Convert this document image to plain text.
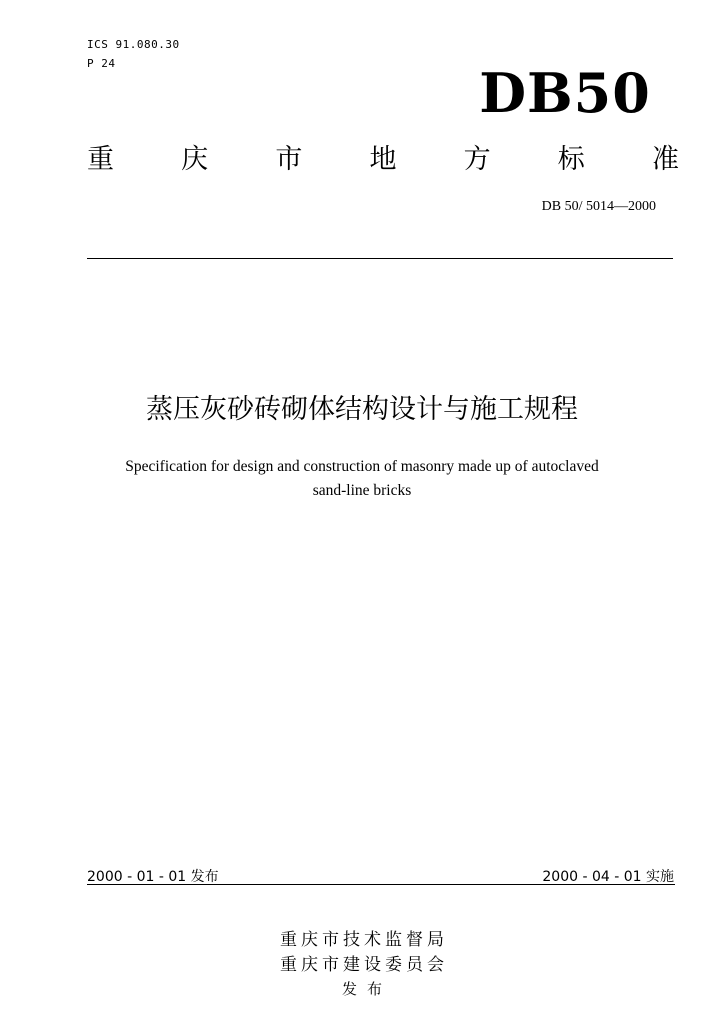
ICS 91.080.30
P 24	DB50
重 庆 市 地 方 标 准
DB 50/ 5014—2000
蒸压灰砂砖砌体结构设计与施工规程
Specification for design and construction of masonry made up of autoclaved
sand-line bricks
2000 - 01 - 01 发布	2000 - 04 - 01 实施
重庆市技术监督局
重庆市建设委员会
发布
